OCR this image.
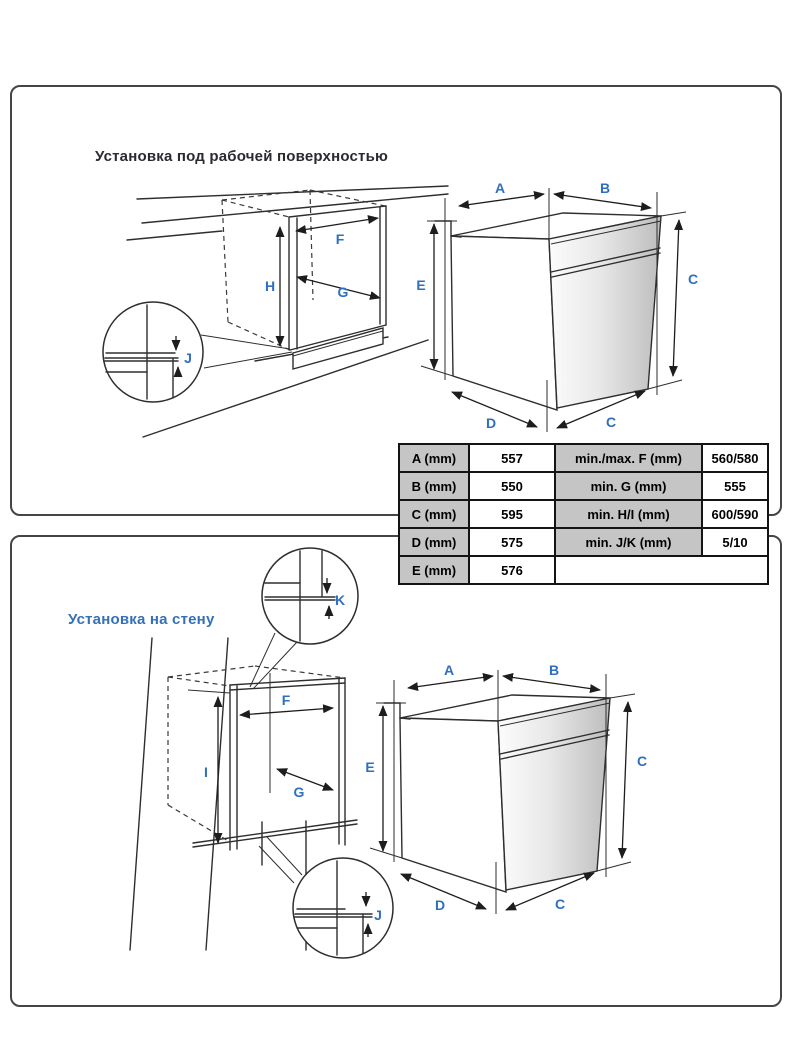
Установка под рабочей поверхностью
H
F
G
J
E
A	B
C
D	C
A (mm)	557	min./max. F (mm)	560/580
B (mm)	550	min. G (mm)	555
C (mm)	595	min. H/I (mm)	600/590
D (mm)	575	min. J/K (mm)	5/10
E (mm)	576		
Установка на стену
I
F
G
K
J
E
A	B
C
D	C
